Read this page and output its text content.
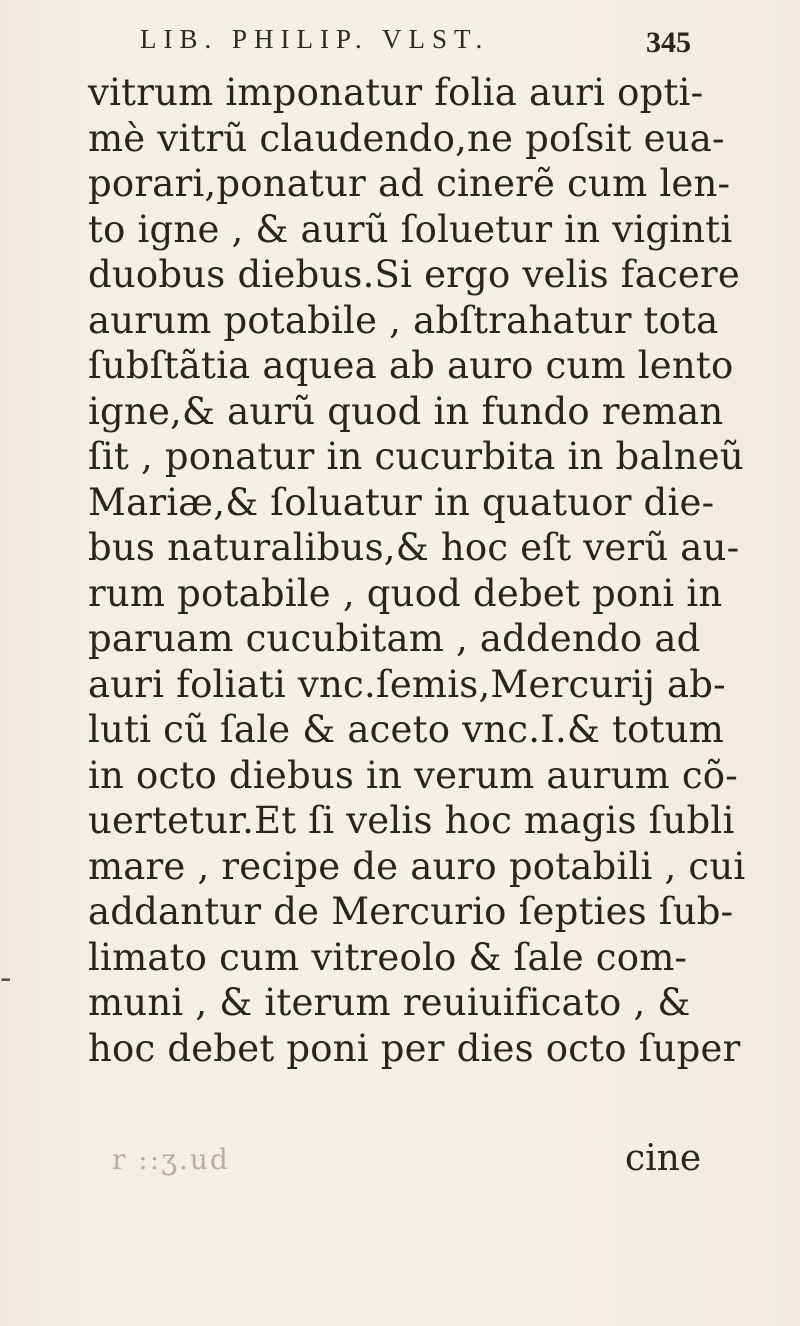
LIB. PHILIP. VLST.	345
-
vitrum imponatur folia auri opti-
mè vitrũ claudendo,ne poſsit eua-
porari,ponatur ad cinerẽ cum len-
to igne , & aurũ ſoluetur in viginti
duobus diebus.Si ergo velis facere
aurum potabile , abſtrahatur tota
ſubſtãtia aquea ab auro cum lento
igne,& aurũ quod in fundo reman
ſit , ponatur in cucurbita in balneũ
Mariæ,& ſoluatur in quatuor die-
bus naturalibus,& hoc eſt verũ au-
rum potabile , quod debet poni in
paruam cucubitam , addendo ad
auri foliati vnc.ſemis,Mercurij ab-
luti cũ ſale & aceto vnc.I.& totum
in octo diebus in verum aurum cõ-
uertetur.Et ſi velis hoc magis ſubli
mare , recipe de auro potabili , cui
addantur de Mercurio ſepties ſub-
limato cum vitreolo & ſale com-
muni , & iterum reuiuificato , &
hoc debet poni per dies octo ſuper
r ::ʒ.ud	cine
